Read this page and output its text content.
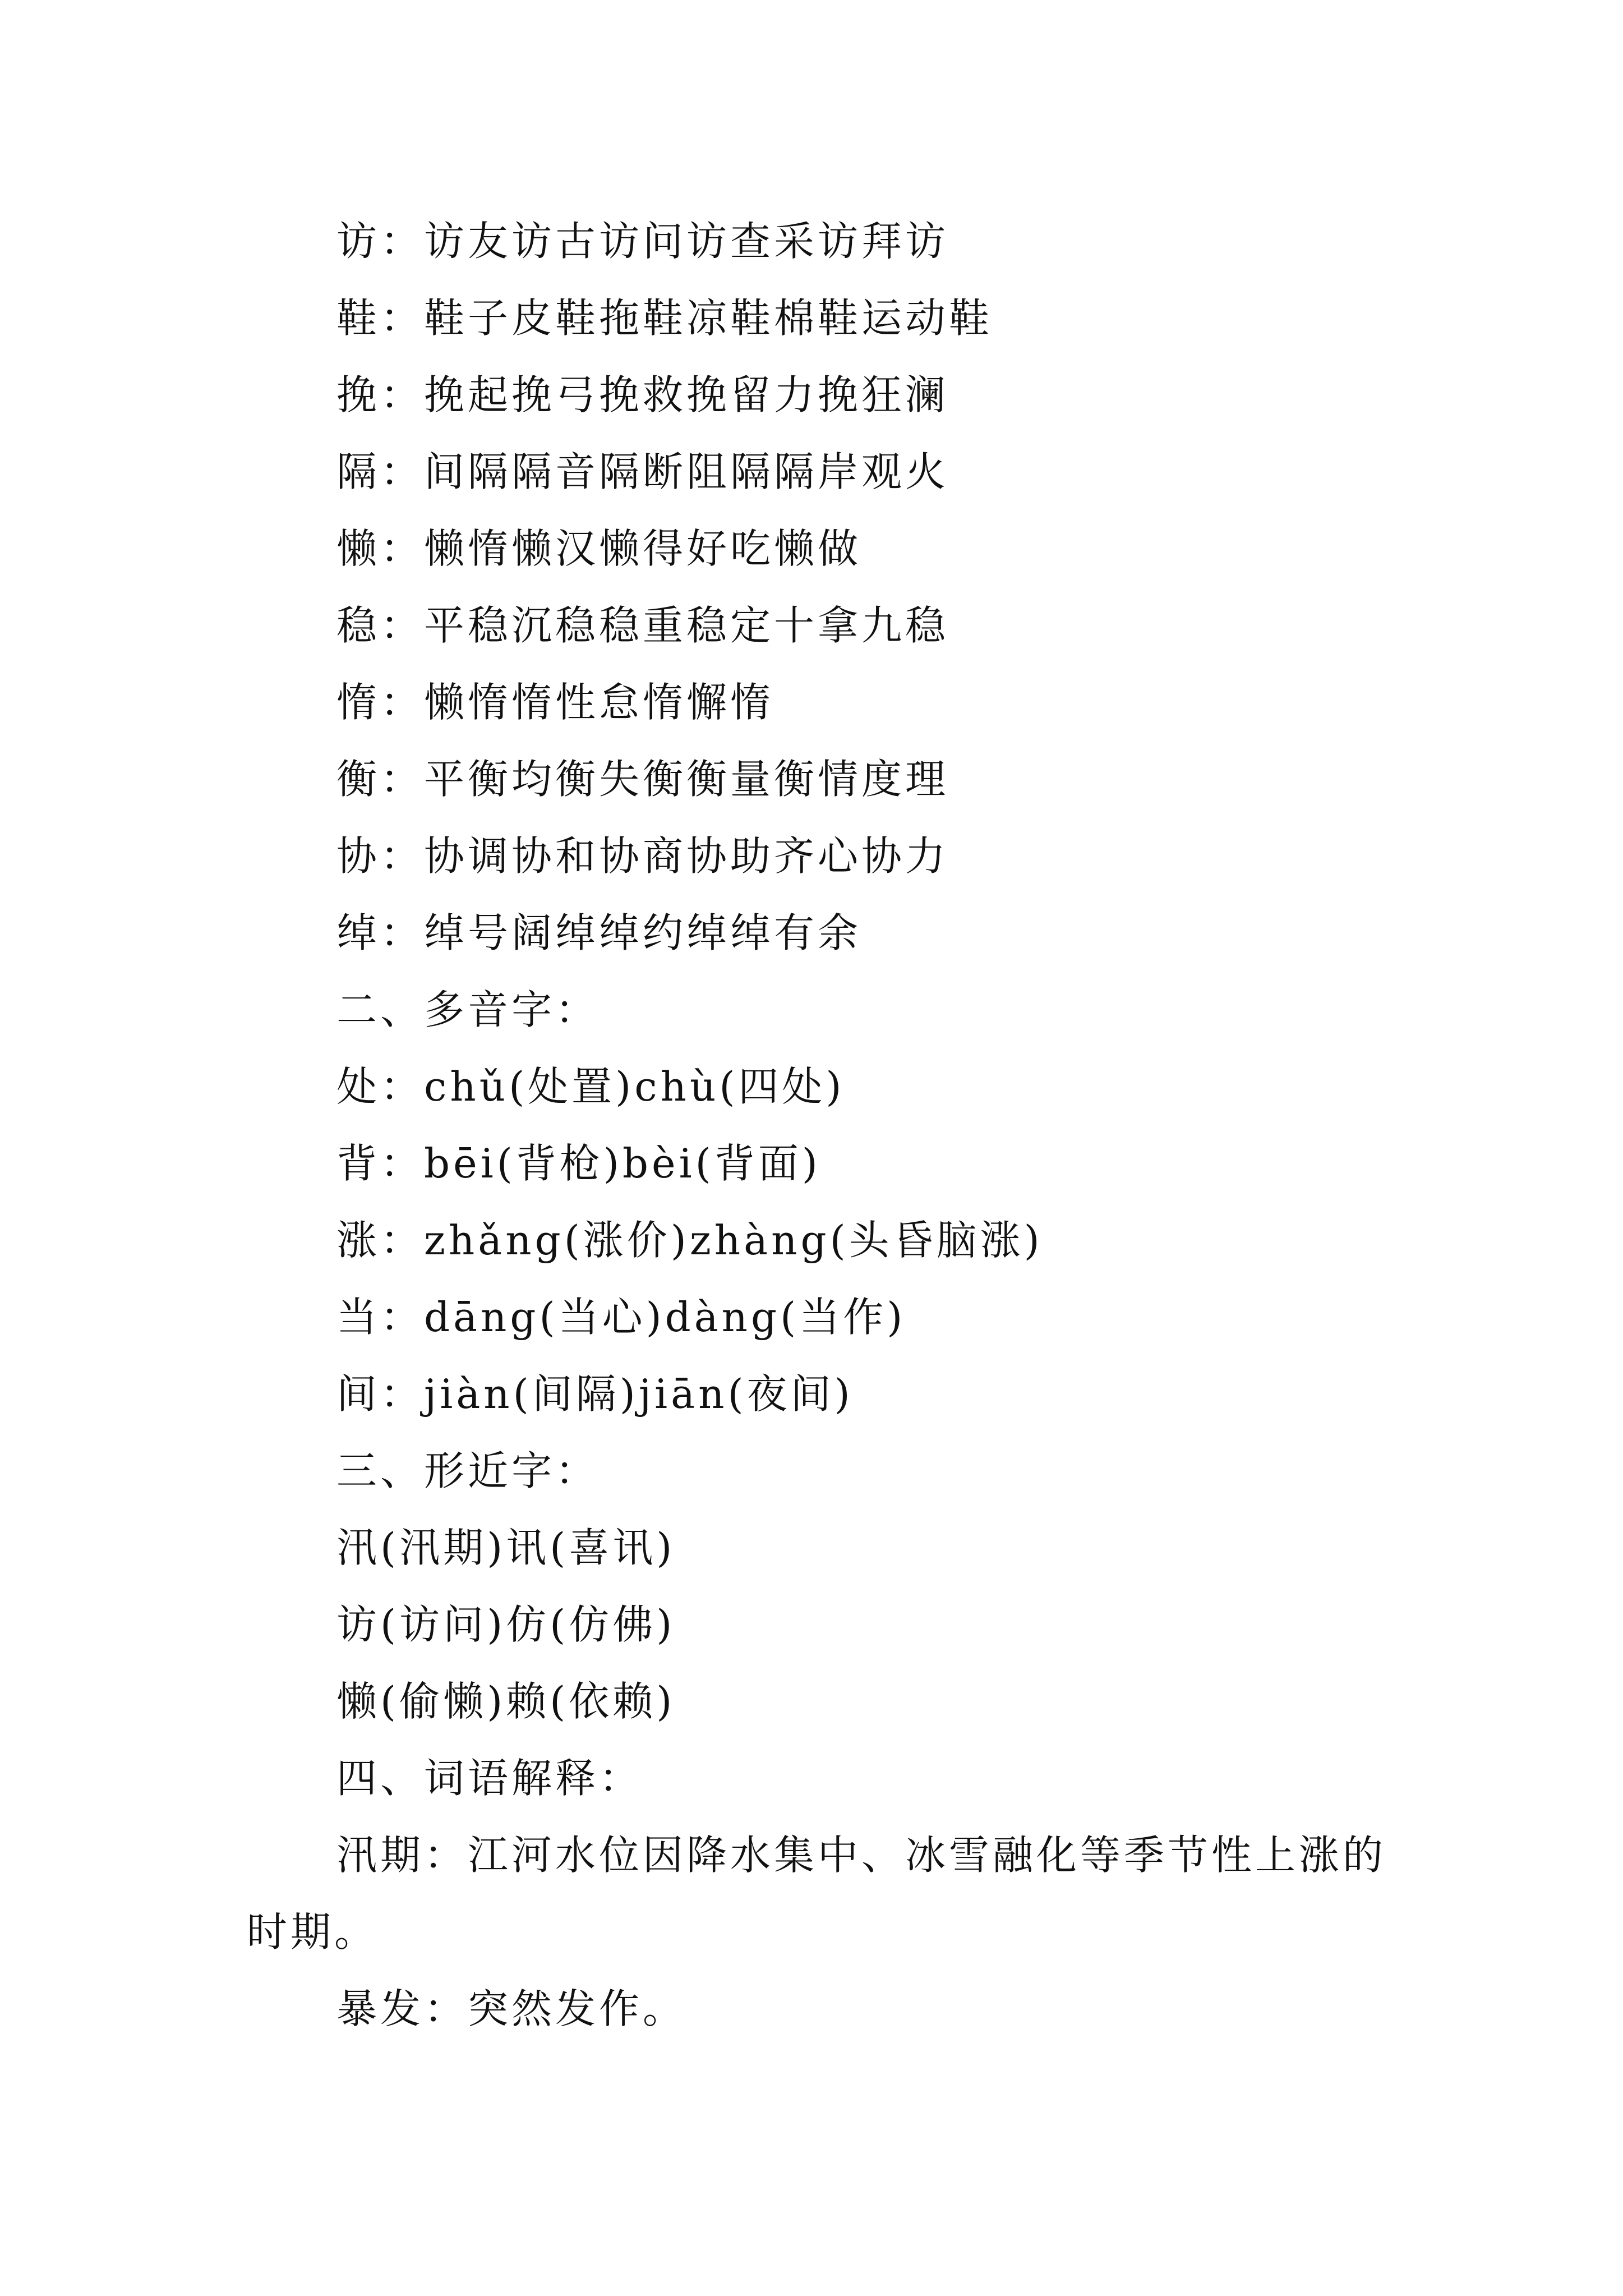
访：访友访古访问访查采访拜访
鞋：鞋子皮鞋拖鞋凉鞋棉鞋运动鞋
挽：挽起挽弓挽救挽留力挽狂澜
隔：间隔隔音隔断阻隔隔岸观火
懒：懒惰懒汉懒得好吃懒做
稳：平稳沉稳稳重稳定十拿九稳
惰：懒惰惰性怠惰懈惰
衡：平衡均衡失衡衡量衡情度理
协：协调协和协商协助齐心协力
绰：绰号阔绰绰约绰绰有余
二、多音字：
处：chǔ(处置)chù(四处)
背：bēi(背枪)bèi(背面)
涨：zhǎng(涨价)zhàng(头昏脑涨)
当：dāng(当心)dàng(当作)
间：jiàn(间隔)jiān(夜间)
三、形近字：
汛(汛期)讯(喜讯)
访(访问)仿(仿佛)
懒(偷懒)赖(依赖)
四、词语解释：
汛期：江河水位因降水集中、冰雪融化等季节性上涨的时期。
暴发：突然发作。
